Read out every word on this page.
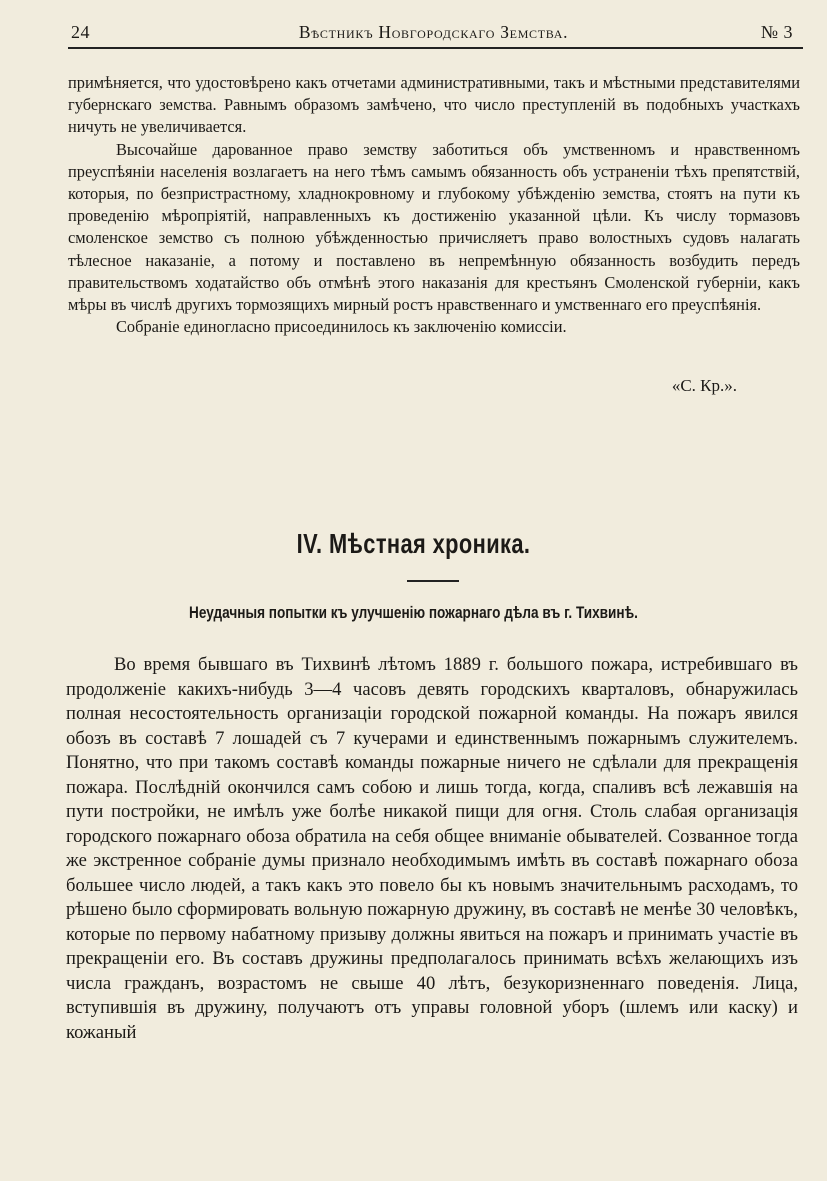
24	Вѣстникъ Новгородскаго Земства.	№ 3

примѣняется, что удостовѣрено какъ отчетами административными, такъ и мѣстными представителями губернскаго земства. Равнымъ образомъ замѣчено, что число преступленій въ подобныхъ участкахъ ничуть не увеличивается.

Высочайше дарованное право земству заботиться объ умственномъ и нравственномъ преуспѣяніи населенія возлагаетъ на него тѣмъ самымъ обязанность объ устраненіи тѣхъ препятствій, которыя, по безпристрастному, хладнокровному и глубокому убѣжденію земства, стоятъ на пути къ проведенію мѣропріятій, направленныхъ къ достиженію указанной цѣли. Къ числу тормазовъ смоленское земство съ полною убѣжденностью причисляетъ право волостныхъ судовъ налагать тѣлесное наказаніе, а потому и поставлено въ непремѣнную обязанность возбудить передъ правительствомъ ходатайство объ отмѣнѣ этого наказанія для крестьянъ Смоленской губерніи, какъ мѣры въ числѣ другихъ тормозящихъ мирный ростъ нравственнаго и умственнаго его преуспѣянія.

Собраніе единогласно присоединилось къ заключенію комиссіи.

«С. Кр.».
IV. Мѣстная хроника.
Неудачныя попытки къ улучшенію пожарнаго дѣла въ г. Тихвинѣ.

Во время бывшаго въ Тихвинѣ лѣтомъ 1889 г. большого пожара, истребившаго въ продолженіе какихъ-нибудь 3—4 часовъ девять городскихъ кварталовъ, обнаружилась полная несостоятельность организаціи городской пожарной команды. На пожаръ явился обозъ въ составѣ 7 лошадей съ 7 кучерами и единственнымъ пожарнымъ служителемъ. Понятно, что при такомъ составѣ команды пожарные ничего не сдѣлали для прекращенія пожара. Послѣдній окончился самъ собою и лишь тогда, когда, спаливъ всѣ лежавшія на пути постройки, не имѣлъ уже болѣе никакой пищи для огня. Столь слабая организація городского пожарнаго обоза обратила на себя общее вниманіе обывателей. Созванное тогда же экстренное собраніе думы признало необходимымъ имѣть въ составѣ пожарнаго обоза большее число людей, а такъ какъ это повело бы къ новымъ значительнымъ расходамъ, то рѣшено было сформировать вольную пожарную дружину, въ составѣ не менѣе 30 человѣкъ, которые по первому набатному призыву должны явиться на пожаръ и принимать участіе въ прекращеніи его. Въ составъ дружины предполагалось принимать всѣхъ желающихъ изъ числа гражданъ, возрастомъ не свыше 40 лѣтъ, безукоризненнаго поведенія. Лица, вступившія въ дружину, получаютъ отъ управы головной уборъ (шлемъ или каску) и кожаный
